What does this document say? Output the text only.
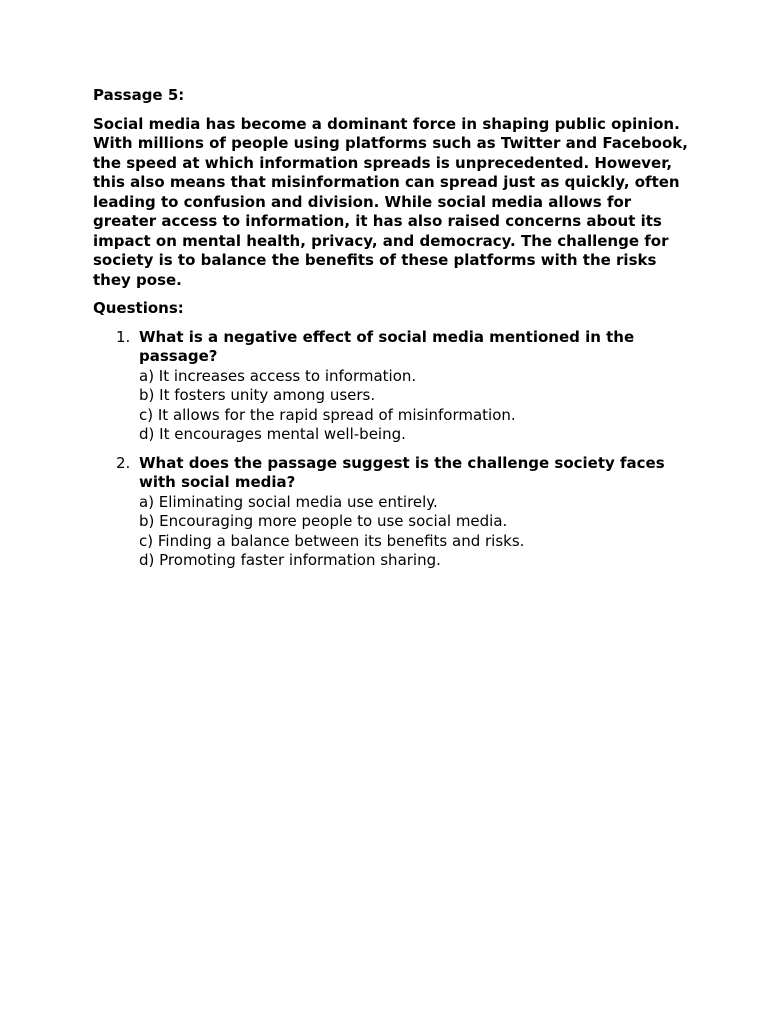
Passage 5:

Social media has become a dominant force in shaping public opinion. With millions of people using platforms such as Twitter and Facebook, the speed at which information spreads is unprecedented. However, this also means that misinformation can spread just as quickly, often leading to confusion and division. While social media allows for greater access to information, it has also raised concerns about its impact on mental health, privacy, and democracy. The challenge for society is to balance the benefits of these platforms with the risks they pose.

Questions:

1. What is a negative effect of social media mentioned in the passage?
a) It increases access to information.
b) It fosters unity among users.
c) It allows for the rapid spread of misinformation.
d) It encourages mental well-being.
2. What does the passage suggest is the challenge society faces with social media?
a) Eliminating social media use entirely.
b) Encouraging more people to use social media.
c) Finding a balance between its benefits and risks.
d) Promoting faster information sharing.
